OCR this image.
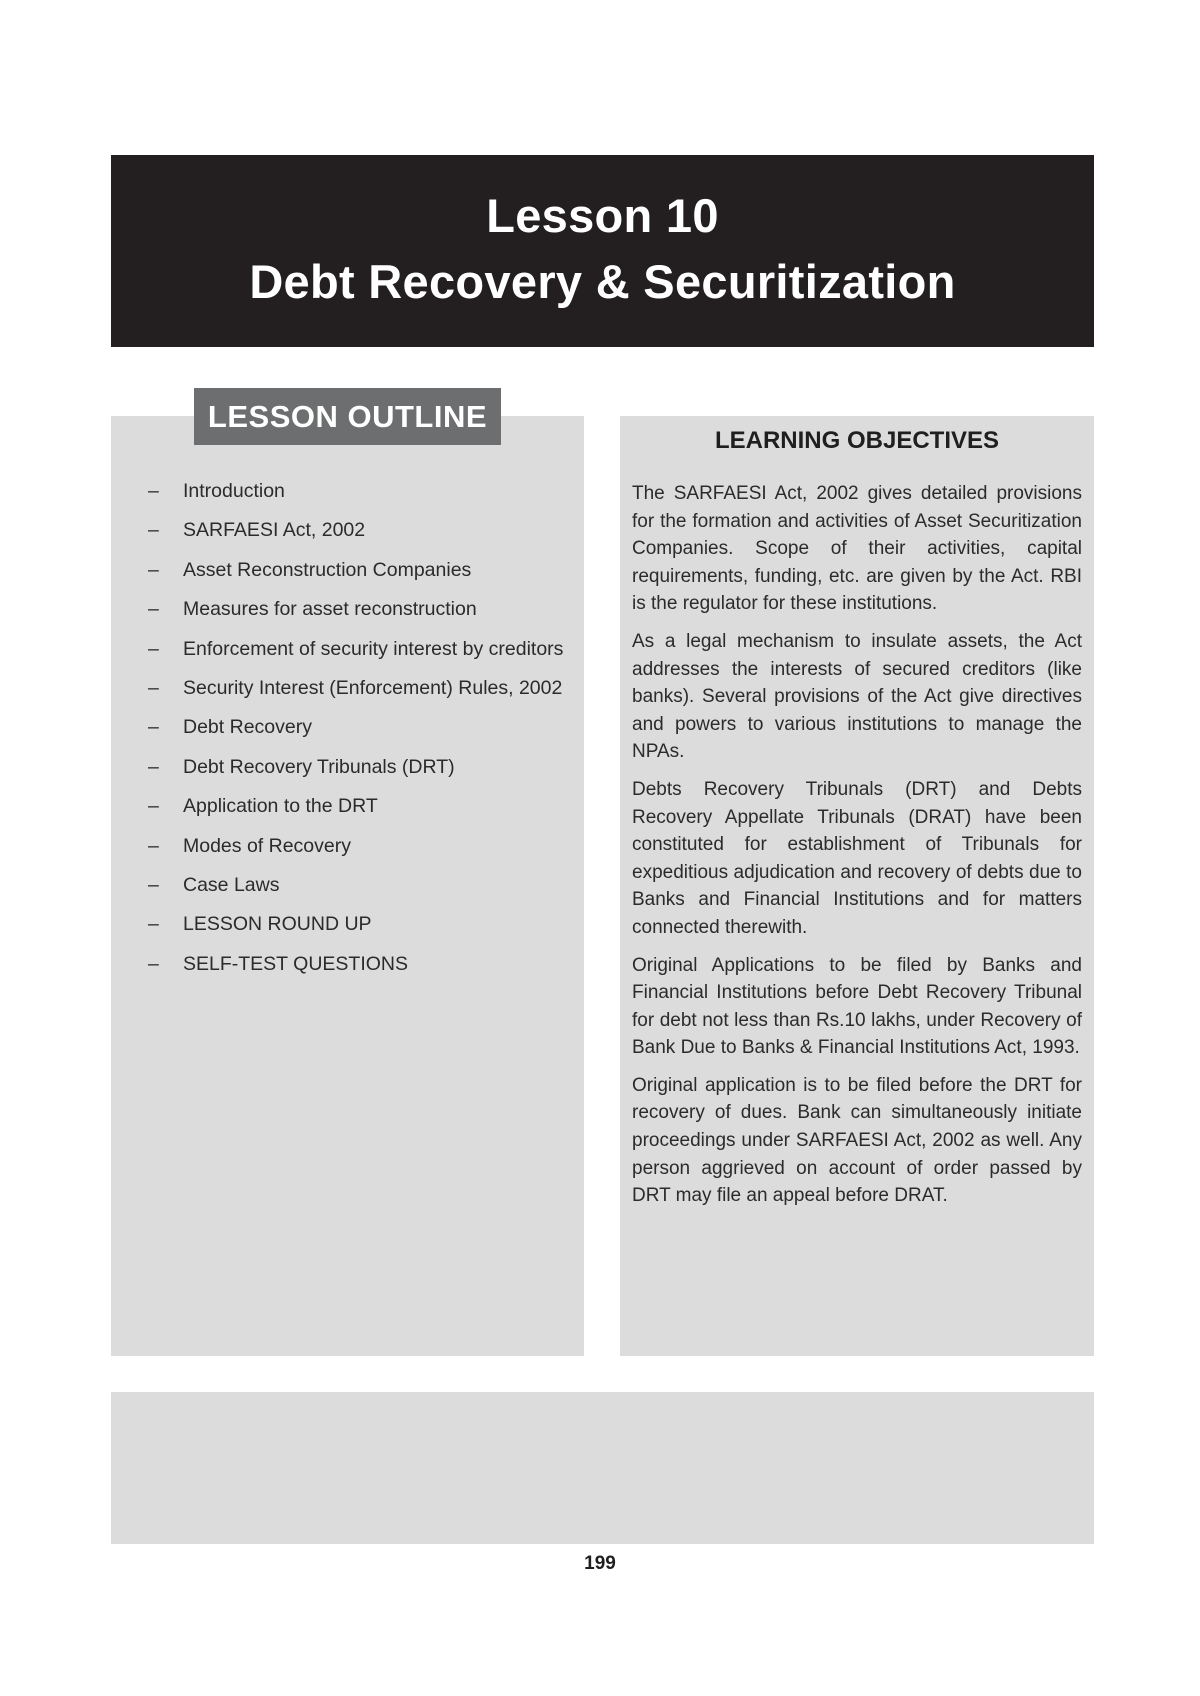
Lesson 10
Debt Recovery & Securitization
LESSON OUTLINE
–	Introduction
–	SARFAESI Act, 2002
–	Asset Reconstruction Companies
–	Measures for asset reconstruction
–	Enforcement of security interest by creditors
–	Security Interest (Enforcement) Rules, 2002
–	Debt Recovery
–	Debt Recovery Tribunals (DRT)
–	Application to the DRT
–	Modes of Recovery
–	Case Laws
–	LESSON ROUND UP
–	SELF-TEST QUESTIONS
LEARNING OBJECTIVES

The SARFAESI Act, 2002 gives detailed provisions for the formation and activities of Asset Securitization Companies. Scope of their activities, capital requirements, funding, etc. are given by the Act. RBI is the regulator for these institutions.

As a legal mechanism to insulate assets, the Act addresses the interests of secured creditors (like banks). Several provisions of the Act give directives and powers to various institutions to manage the NPAs.

Debts Recovery Tribunals (DRT) and Debts Recovery Appellate Tribunals (DRAT) have been constituted for establishment of Tribunals for expeditious adjudication and recovery of debts due to Banks and Financial Institutions and for matters connected therewith.

Original Applications to be filed by Banks and Financial Institutions before Debt Recovery Tribunal for debt not less than Rs.10 lakhs, under Recovery of Bank Due to Banks & Financial Institutions Act, 1993.

Original application is to be filed before the DRT for recovery of dues. Bank can simultaneously initiate proceedings under SARFAESI Act, 2002 as well. Any person aggrieved on account of order passed by DRT may file an appeal before DRAT.

199
